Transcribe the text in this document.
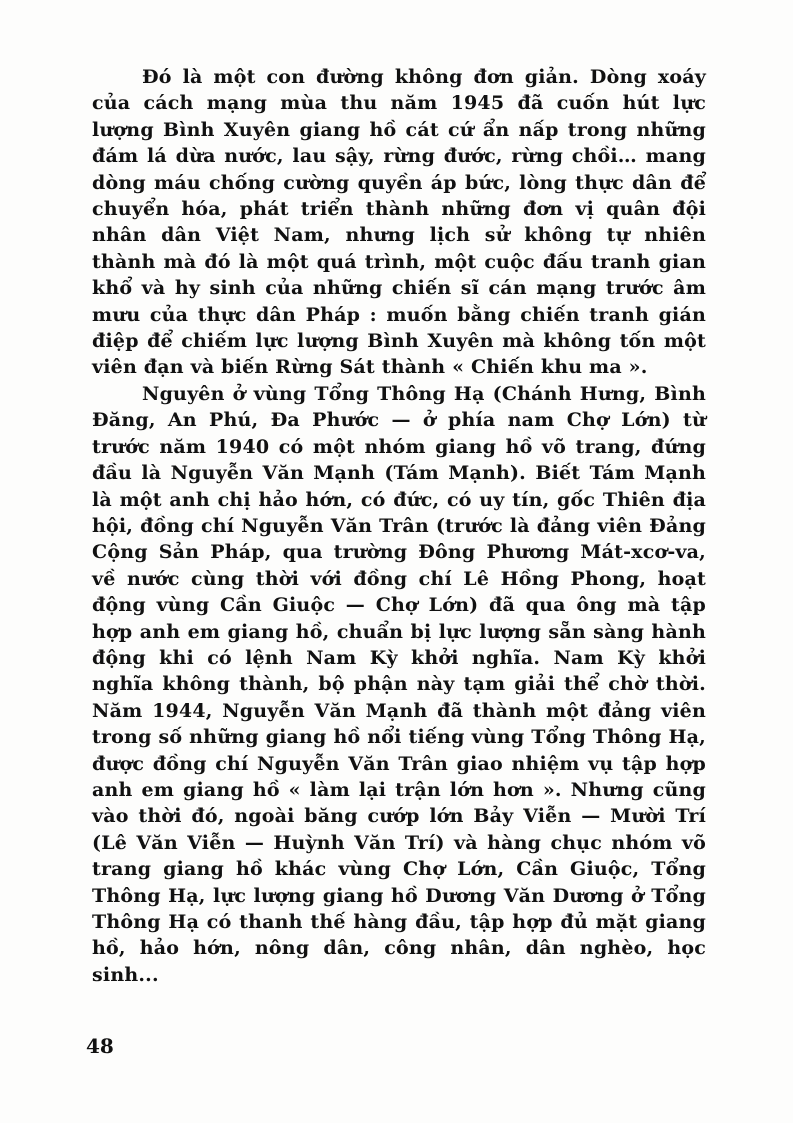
Đó là một con đường không đơn giản. Dòng xoáy của cách mạng mùa thu năm 1945 đã cuốn hút lực lượng Bình Xuyên giang hồ cát cứ ẩn nấp trong những đám lá dừa nước, lau sậy, rừng đước, rừng chồi… mang dòng máu chống cường quyền áp bức, lòng thực dân để chuyển hóa, phát triển thành những đơn vị quân đội nhân dân Việt Nam, nhưng lịch sử không tự nhiên thành mà đó là một quá trình, một cuộc đấu tranh gian khổ và hy sinh của những chiến sĩ cán mạng trước âm mưu của thực dân Pháp : muốn bằng chiến tranh gián điệp để chiếm lực lượng Bình Xuyên mà không tốn một viên đạn và biến Rừng Sát thành « Chiến khu ma ».

Nguyên ở vùng Tổng Thông Hạ (Chánh Hưng, Bình Đăng, An Phú, Đa Phước — ở phía nam Chợ Lớn) từ trước năm 1940 có một nhóm giang hồ võ trang, đứng đầu là Nguyễn Văn Mạnh (Tám Mạnh). Biết Tám Mạnh là một anh chị hảo hớn, có đức, có uy tín, gốc Thiên địa hội, đồng chí Nguyễn Văn Trân (trước là đảng viên Đảng Cộng Sản Pháp, qua trường Đông Phương Mát-xcơ-va, về nước cùng thời với đồng chí Lê Hồng Phong, hoạt động vùng Cần Giuộc — Chợ Lớn) đã qua ông mà tập hợp anh em giang hồ, chuẩn bị lực lượng sẵn sàng hành động khi có lệnh Nam Kỳ khởi nghĩa. Nam Kỳ khởi nghĩa không thành, bộ phận này tạm giải thể chờ thời. Năm 1944, Nguyễn Văn Mạnh đã thành một đảng viên trong số những giang hồ nổi tiếng vùng Tổng Thông Hạ, được đồng chí Nguyễn Văn Trân giao nhiệm vụ tập hợp anh em giang hồ « làm lại trận lớn hơn ». Nhưng cũng vào thời đó, ngoài băng cướp lớn Bảy Viễn — Mười Trí (Lê Văn Viễn — Huỳnh Văn Trí) và hàng chục nhóm võ trang giang hồ khác vùng Chợ Lớn, Cần Giuộc, Tổng Thông Hạ, lực lượng giang hồ Dương Văn Dương ở Tổng Thông Hạ có thanh thế hàng đầu, tập hợp đủ mặt giang hồ, hảo hớn, nông dân, công nhân, dân nghèo, học sinh...

48
